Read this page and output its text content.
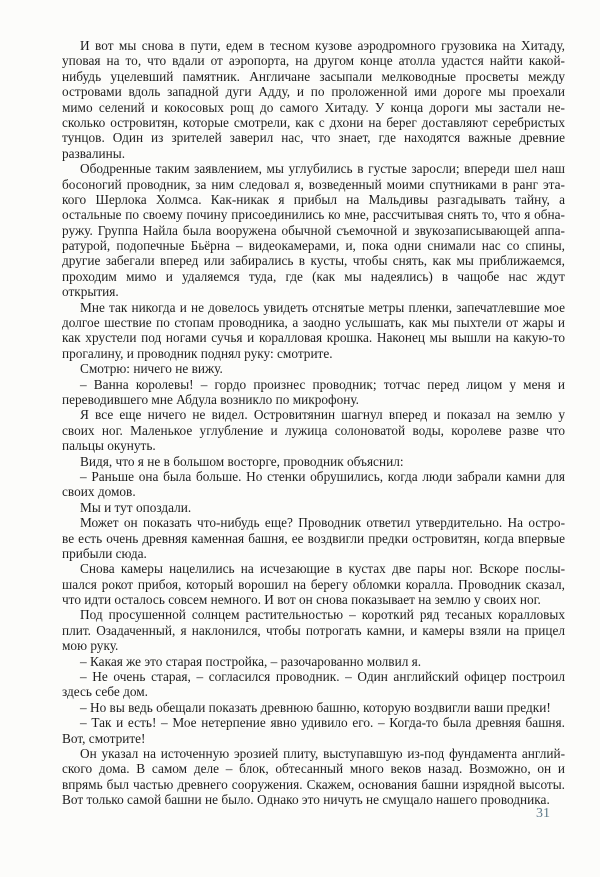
И вот мы снова в пути, едем в тесном кузове аэродромного грузовика на Хитаду,
уповая на то, что вдали от аэропорта, на другом конце атолла удастся найти какой-
нибудь уцелевший памятник. Англичане засыпали мелководные просветы между
островами вдоль западной дуги Адду, и по проложенной ими дороге мы проехали
мимо селений и кокосовых рощ до самого Хитаду. У конца дороги мы застали не-
сколько островитян, которые смотрели, как с дхони на берег доставляют серебристых
тунцов. Один из зрителей заверил нас, что знает, где находятся важные древние
развалины.
Ободренные таким заявлением, мы углубились в густые заросли; впереди шел наш
босоногий проводник, за ним следовал я, возведенный моими спутниками в ранг эта-
кого Шерлока Холмса. Как-никак я прибыл на Мальдивы разгадывать тайну, а
остальные по своему почину присоединились ко мне, рассчитывая снять то, что я обна-
ружу. Группа Найла была вооружена обычной съемочной и звукозаписывающей аппа-
ратурой, подопечные Бьёрна – видеокамерами, и, пока одни снимали нас со спины,
другие забегали вперед или забирались в кусты, чтобы снять, как мы приближаемся,
проходим мимо и удаляемся туда, где (как мы надеялись) в чащобе нас ждут
открытия.
Мне так никогда и не довелось увидеть отснятые метры пленки, запечатлевшие мое
долгое шествие по стопам проводника, а заодно услышать, как мы пыхтели от жары и
как хрустели под ногами сучья и коралловая крошка. Наконец мы вышли на какую-то
прогалину, и проводник поднял руку: смотрите.
Смотрю: ничего не вижу.
– Ванна королевы! – гордо произнес проводник; тотчас перед лицом у меня и
переводившего мне Абдула возникло по микрофону.
Я все еще ничего не видел. Островитянин шагнул вперед и показал на землю у
своих ног. Маленькое углубление и лужица солоноватой воды, королеве разве что
пальцы окунуть.
Видя, что я не в большом восторге, проводник объяснил:
– Раньше она была больше. Но стенки обрушились, когда люди забрали камни для
своих домов.
Мы и тут опоздали.
Может он показать что-нибудь еще? Проводник ответил утвердительно. На остро-
ве есть очень древняя каменная башня, ее воздвигли предки островитян, когда впервые
прибыли сюда.
Снова камеры нацелились на исчезающие в кустах две пары ног. Вскоре послы-
шался рокот прибоя, который ворошил на берегу обломки коралла. Проводник сказал,
что идти осталось совсем немного. И вот он снова показывает на землю у своих ног.
Под просушенной солнцем растительностью – короткий ряд тесаных коралловых
плит. Озадаченный, я наклонился, чтобы потрогать камни, и камеры взяли на прицел
мою руку.
– Какая же это старая постройка, – разочарованно молвил я.
– Не очень старая, – согласился проводник. – Один английский офицер построил
здесь себе дом.
– Но вы ведь обещали показать древнюю башню, которую воздвигли ваши предки!
– Так и есть! – Мое нетерпение явно удивило его. – Когда-то была древняя башня.
Вот, смотрите!
Он указал на источенную эрозией плиту, выступавшую из-под фундамента англий-
ского дома. В самом деле – блок, обтесанный много веков назад. Возможно, он и
впрямь был частью древнего сооружения. Скажем, основания башни изрядной высоты.
Вот только самой башни не было. Однако это ничуть не смущало нашего проводника.
31
